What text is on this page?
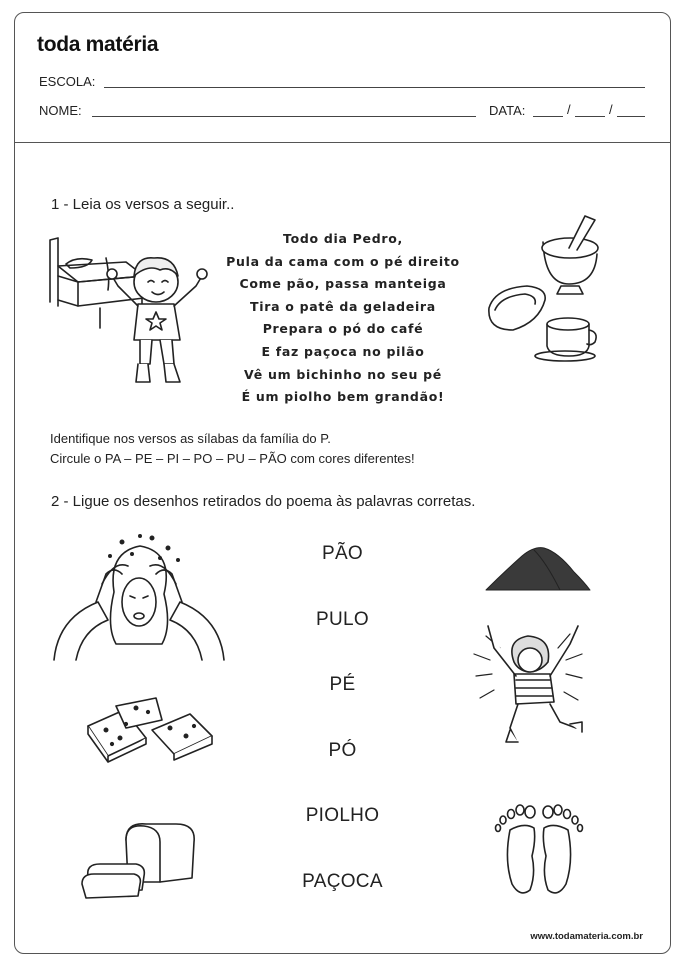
toda matéria
ESCOLA:
NOME:	DATA:	/	/
1 - Leia os versos a seguir..
Todo dia Pedro,
Pula da cama com o pé direito
Come pão, passa manteiga
Tira o patê da geladeira
Prepara o pó do café
E faz paçoca no pilão
Vê um bichinho no seu pé
É um piolho bem grandão!
Identifique nos versos as sílabas da família do P.
Circule o PA – PE – PI – PO – PU – PÃO com cores diferentes!
2 - Ligue os desenhos retirados do poema às palavras corretas.
PÃO
PULO
PÉ
PÓ
PIOLHO
PAÇOCA
www.todamateria.com.br
